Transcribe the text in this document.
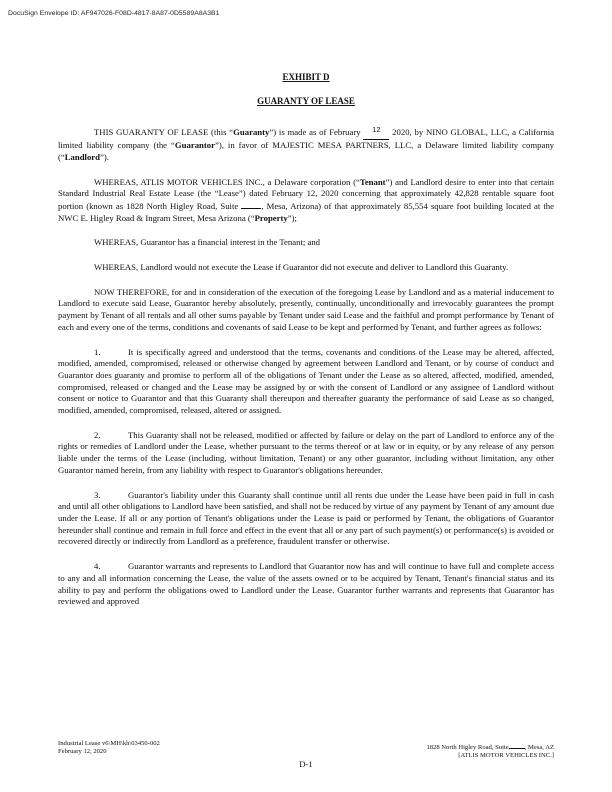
DocuSign Envelope ID: AF947026-F08D-4817-8A87-0D5589A8A3B1
EXHIBIT D
GUARANTY OF LEASE

THIS GUARANTY OF LEASE (this “Guaranty”) is made as of February 12 2020, by NINO GLOBAL, LLC, a California limited liability company (the “Guarantor”), in favor of MAJESTIC MESA PARTNERS, LLC, a Delaware limited liability company (“Landlord”).

WHEREAS, ATLIS MOTOR VEHICLES INC., a Delaware corporation (“Tenant”) and Landlord desire to enter into that certain Standard Industrial Real Estate Lease (the “Lease”) dated February 12, 2020 concerning that approximately 42,828 rentable square foot portion (known as 1828 North Higley Road, Suite , Mesa, Arizona) of that approximately 85,554 square foot building located at the NWC E. Higley Road & Ingram Street, Mesa Arizona (“Property”);

WHEREAS, Guarantor has a financial interest in the Tenant; and

WHEREAS, Landlord would not execute the Lease if Guarantor did not execute and deliver to Landlord this Guaranty.

NOW THEREFORE, for and in consideration of the execution of the foregoing Lease by Landlord and as a material inducement to Landlord to execute said Lease, Guarantor hereby absolutely, presently, continually, unconditionally and irrevocably guarantees the prompt payment by Tenant of all rentals and all other sums payable by Tenant under said Lease and the faithful and prompt performance by Tenant of each and every one of the terms, conditions and covenants of said Lease to be kept and performed by Tenant, and further agrees as follows:

1.	It is specifically agreed and understood that the terms, covenants and conditions of the Lease may be altered, affected, modified, amended, compromised, released or otherwise changed by agreement between Landlord and Tenant, or by course of conduct and Guarantor does guaranty and promise to perform all of the obligations of Tenant under the Lease as so altered, affected, modified, amended, compromised, released or changed and the Lease may be assigned by or with the consent of Landlord or any assignee of Landlord without consent or notice to Guarantor and that this Guaranty shall thereupon and thereafter guaranty the performance of said Lease as so changed, modified, amended, compromised, released, altered or assigned.

2.	This Guaranty shall not be released, modified or affected by failure or delay on the part of Landlord to enforce any of the rights or remedies of Landlord under the Lease, whether pursuant to the terms thereof or at law or in equity, or by any release of any person liable under the terms of the Lease (including, without limitation, Tenant) or any other guarantor, including without limitation, any other Guarantor named herein, from any liability with respect to Guarantor's obligations hereunder.

3.	Guarantor's liability under this Guaranty shall continue until all rents due under the Lease have been paid in full in cash and until all other obligations to Landlord have been satisfied, and shall not be reduced by virtue of any payment by Tenant of any amount due under the Lease. If all or any portion of Tenant's obligations under the Lease is paid or performed by Tenant, the obligations of Guarantor hereunder shall continue and remain in full force and effect in the event that all or any part of such payment(s) or performance(s) is avoided or recovered directly or indirectly from Landlord as a preference, fraudulent transfer or otherwise.

4.	Guarantor warrants and represents to Landlord that Guarantor now has and will continue to have full and complete access to any and all information concerning the Lease, the value of the assets owned or to be acquired by Tenant, Tenant's financial status and its ability to pay and perform the obligations owed to Landlord under the Lease. Guarantor further warrants and represents that Guarantor has reviewed and approved

Industrial Lease v6\MH\kh\03450-002
February 12, 2020
1828 North Higley Road, Suite , Mesa, AZ
[ATLIS MOTOR VEHICLES INC.]
D-1
